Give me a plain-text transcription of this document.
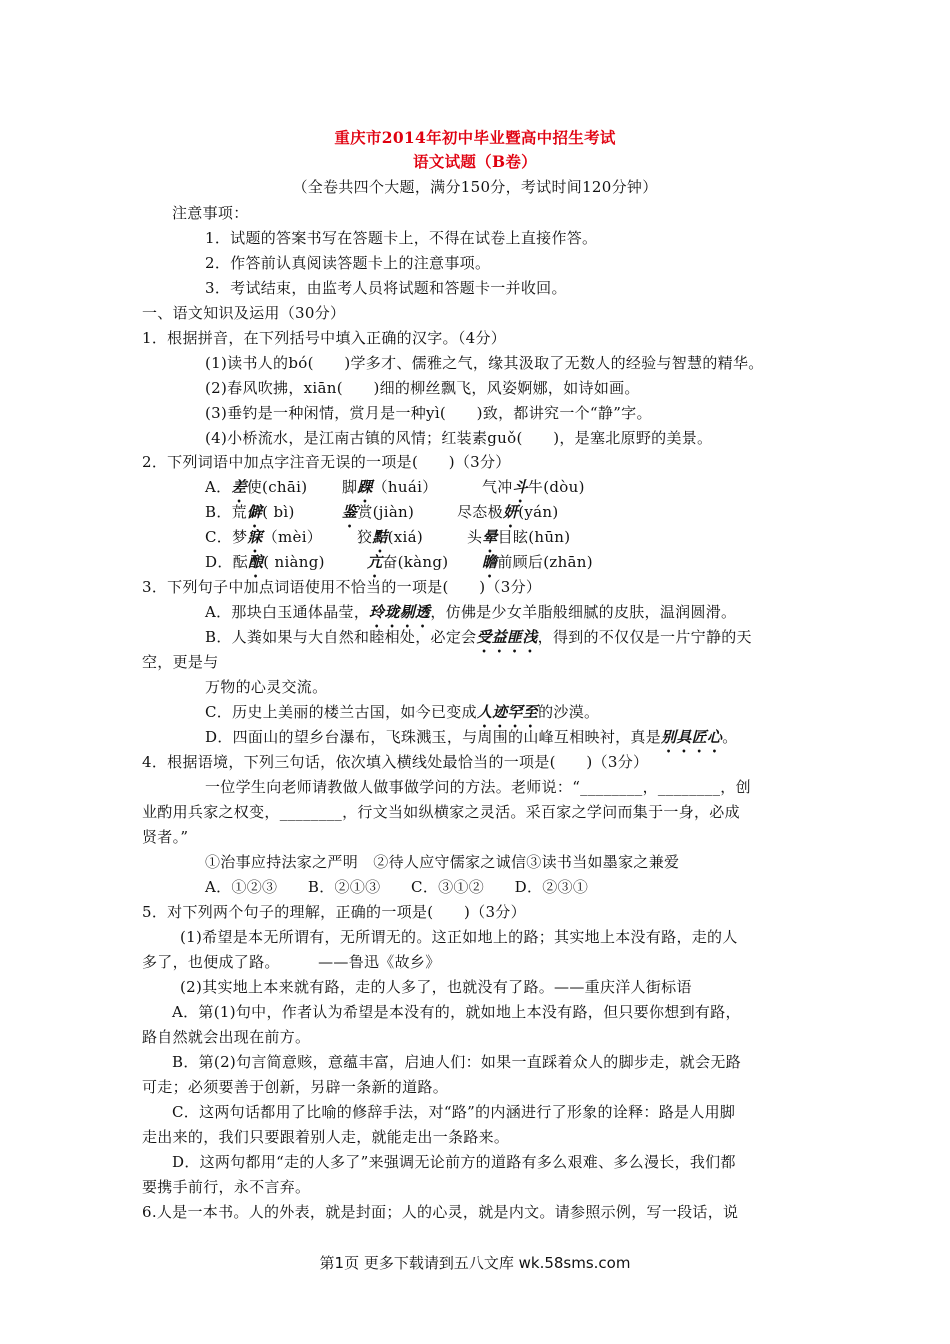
重庆市2014年初中毕业暨高中招生考试
语文试题（B卷）
（全卷共四个大题，满分150分，考试时间120分钟）
注意事项：
1．试题的答案书写在答题卡上，不得在试卷上直接作答。
2．作答前认真阅读答题卡上的注意事项。
3．考试结束，由监考人员将试题和答题卡一并收回。
一、语文知识及运用（30分）
1．根据拼音，在下列括号中填入正确的汉字。（4分）
(1)读书人的bó(　　)学多才、儒雅之气，缘其汲取了无数人的经验与智慧的精华。
(2)春风吹拂，xiān(　　)细的柳丝飘飞，风姿婀娜，如诗如画。
(3)垂钓是一种闲情，赏月是一种yì(　　)致，都讲究一个“静”字。
(4)小桥流水，是江南古镇的风情；红装素guǒ(　　)，是塞北原野的美景。
2．下列词语中加点字注音无误的一项是(　　)（3分）
A．差使(chāi) 脚踝（huái）	气冲斗牛(dòu)
B．荒僻( bì)	鉴赏(jiàn)	尽态极妍(yán)
C．梦寐（mèi） 狡黠(xiá)	头晕目眩(hūn)
D．酝酿( niàng)	亢奋(kàng) 瞻前顾后(zhān)
3．下列句子中加点词语使用不恰当的一项是(　　)（3分）
A．那块白玉通体晶莹，玲珑剔透，仿佛是少女羊脂般细腻的皮肤，温润圆滑。
B．人粪如果与大自然和睦相处，必定会受益匪浅，得到的不仅仅是一片宁静的天
空，更是与
万物的心灵交流。
C．历史上美丽的楼兰古国，如今已变成人迹罕至的沙漠。
D．四面山的望乡台瀑布，飞珠溅玉，与周围的山峰互相映衬，真是别具匠心。
4．根据语境，下列三句话，依次填入横线处最恰当的一项是(　　)（3分）
一位学生向老师请教做人做事做学问的方法。老师说：“________，________，创
业酌用兵家之权变，________，行文当如纵横家之灵活。采百家之学问而集于一身，必成
贤者。”
①治事应持法家之严明　②待人应守儒家之诚信③读书当如墨家之兼爱
A．①②③　　B．②①③　　C．③①②　　D．②③①
5．对下列两个句子的理解，正确的一项是(　　)（3分）
(1)希望是本无所谓有，无所谓无的。这正如地上的路；其实地上本没有路，走的人
多了，也便成了路。　　　——鲁迅《故乡》
(2)其实地上本来就有路，走的人多了，也就没有了路。——重庆洋人街标语
A．第(1)句中，作者认为希望是本没有的，就如地上本没有路，但只要你想到有路，
路自然就会出现在前方。
B．第(2)句言简意赅，意蕴丰富，启迪人们：如果一直踩着众人的脚步走，就会无路
可走；必须要善于创新，另辟一条新的道路。
C．这两句话都用了比喻的修辞手法，对“路”的内涵进行了形象的诠释：路是人用脚
走出来的，我们只要跟着别人走，就能走出一条路来。
D．这两句都用“走的人多了”来强调无论前方的道路有多么艰难、多么漫长，我们都
要携手前行，永不言弃。
6.人是一本书。人的外表，就是封面；人的心灵，就是内文。请参照示例，写一段话，说
第1页 更多下载请到五八文库 wk.58sms.com
